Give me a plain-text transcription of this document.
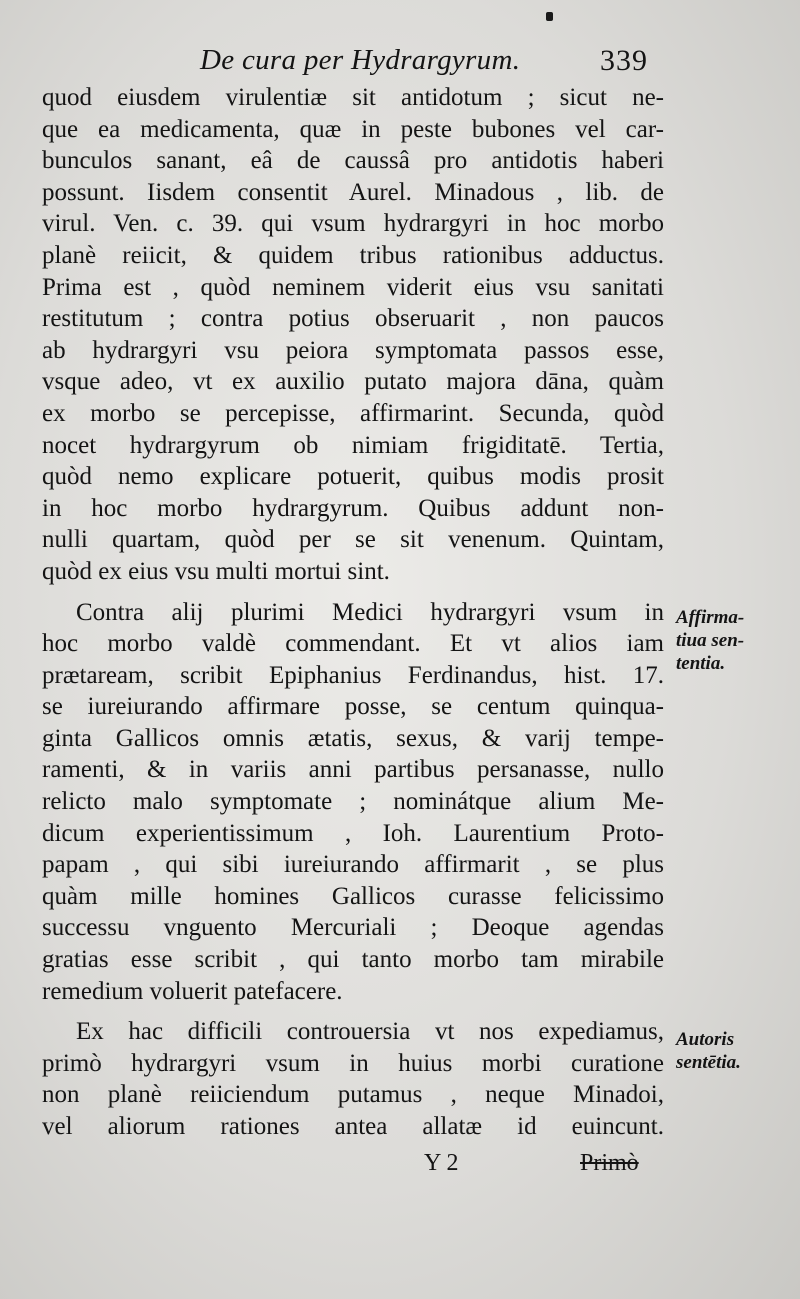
De cura per Hydrargyrum.	339
quod eiusdem virulentiæ sit antidotum ; sicut ne-
que ea medicamenta, quæ in peste bubones vel car-
bunculos sanant, eâ de caussâ pro antidotis haberi
possunt. Iisdem consentit Aurel. Minadous , lib. de
virul. Ven. c. 39. qui vsum hydrargyri in hoc morbo
planè reiicit, & quidem tribus rationibus adductus.
Prima est , quòd neminem viderit eius vsu sanitati
restitutum ; contra potius obseruarit , non paucos
ab hydrargyri vsu peiora symptomata passos esse,
vsque adeo, vt ex auxilio putato majora dāna, quàm
ex morbo se percepisse, affirmarint. Secunda, quòd
nocet hydrargyrum ob nimiam frigiditatē. Tertia,
quòd nemo explicare potuerit, quibus modis prosit
in hoc morbo hydrargyrum. Quibus addunt non-
nulli quartam, quòd per se sit venenum. Quintam,
quòd ex eius vsu multi mortui sint.
Contra alij plurimi Medici hydrargyri vsum in
hoc morbo valdè commendant. Et vt alios iam
prætaream, scribit Epiphanius Ferdinandus, hist. 17.
se iureiurando affirmare posse, se centum quinqua-
ginta Gallicos omnis ætatis, sexus, & varij tempe-
ramenti, & in variis anni partibus persanasse, nullo
relicto malo symptomate ; nominátque alium Me-
dicum experientissimum , Ioh. Laurentium Proto-
papam , qui sibi iureiurando affirmarit , se plus
quàm mille homines Gallicos curasse felicissimo
successu vnguento Mercuriali ; Deoque agendas
gratias esse scribit , qui tanto morbo tam mirabile
remedium voluerit patefacere.
Ex hac difficili controuersia vt nos expediamus,
primò hydrargyri vsum in huius morbi curatione
non planè reiiciendum putamus , neque Minadoi,
vel aliorum rationes antea allatæ id euincunt.
Affirma-
tiua sen-
tentia.
Autoris
sentētia.
Y 2	Primò
